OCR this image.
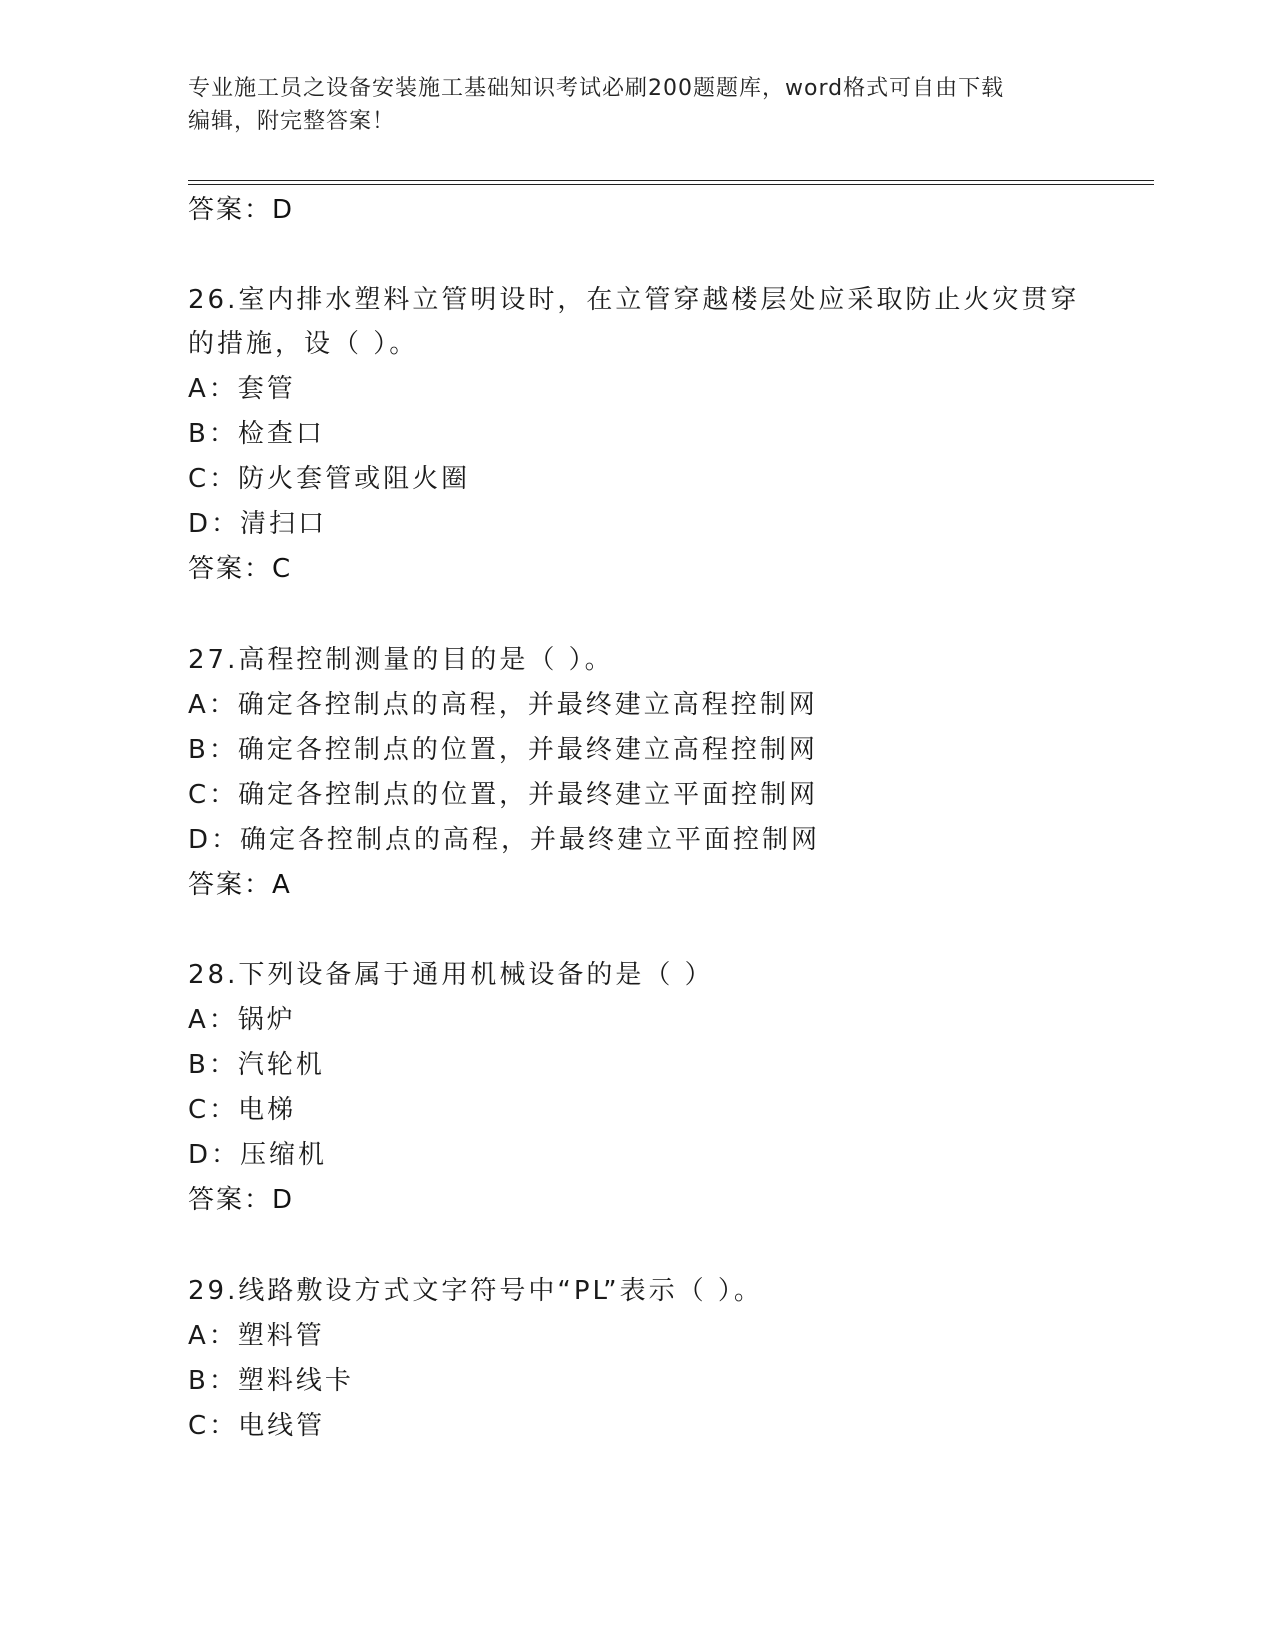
专业施工员之设备安装施工基础知识考试必刷200题题库，word格式可自由下载
编辑，附完整答案！
答案：D
26.室内排水塑料立管明设时，在立管穿越楼层处应采取防止火灾贯穿
的措施，设（ ）。
A：套管
B：检查口
C：防火套管或阻火圈
D：清扫口
答案：C
27.高程控制测量的目的是（ ）。
A：确定各控制点的高程，并最终建立高程控制网
B：确定各控制点的位置，并最终建立高程控制网
C：确定各控制点的位置，并最终建立平面控制网
D：确定各控制点的高程，并最终建立平面控制网
答案：A
28.下列设备属于通用机械设备的是（ ）
A：锅炉
B：汽轮机
C：电梯
D：压缩机
答案：D
29.线路敷设方式文字符号中“PL”表示（ ）。
A：塑料管
B：塑料线卡
C：电线管
